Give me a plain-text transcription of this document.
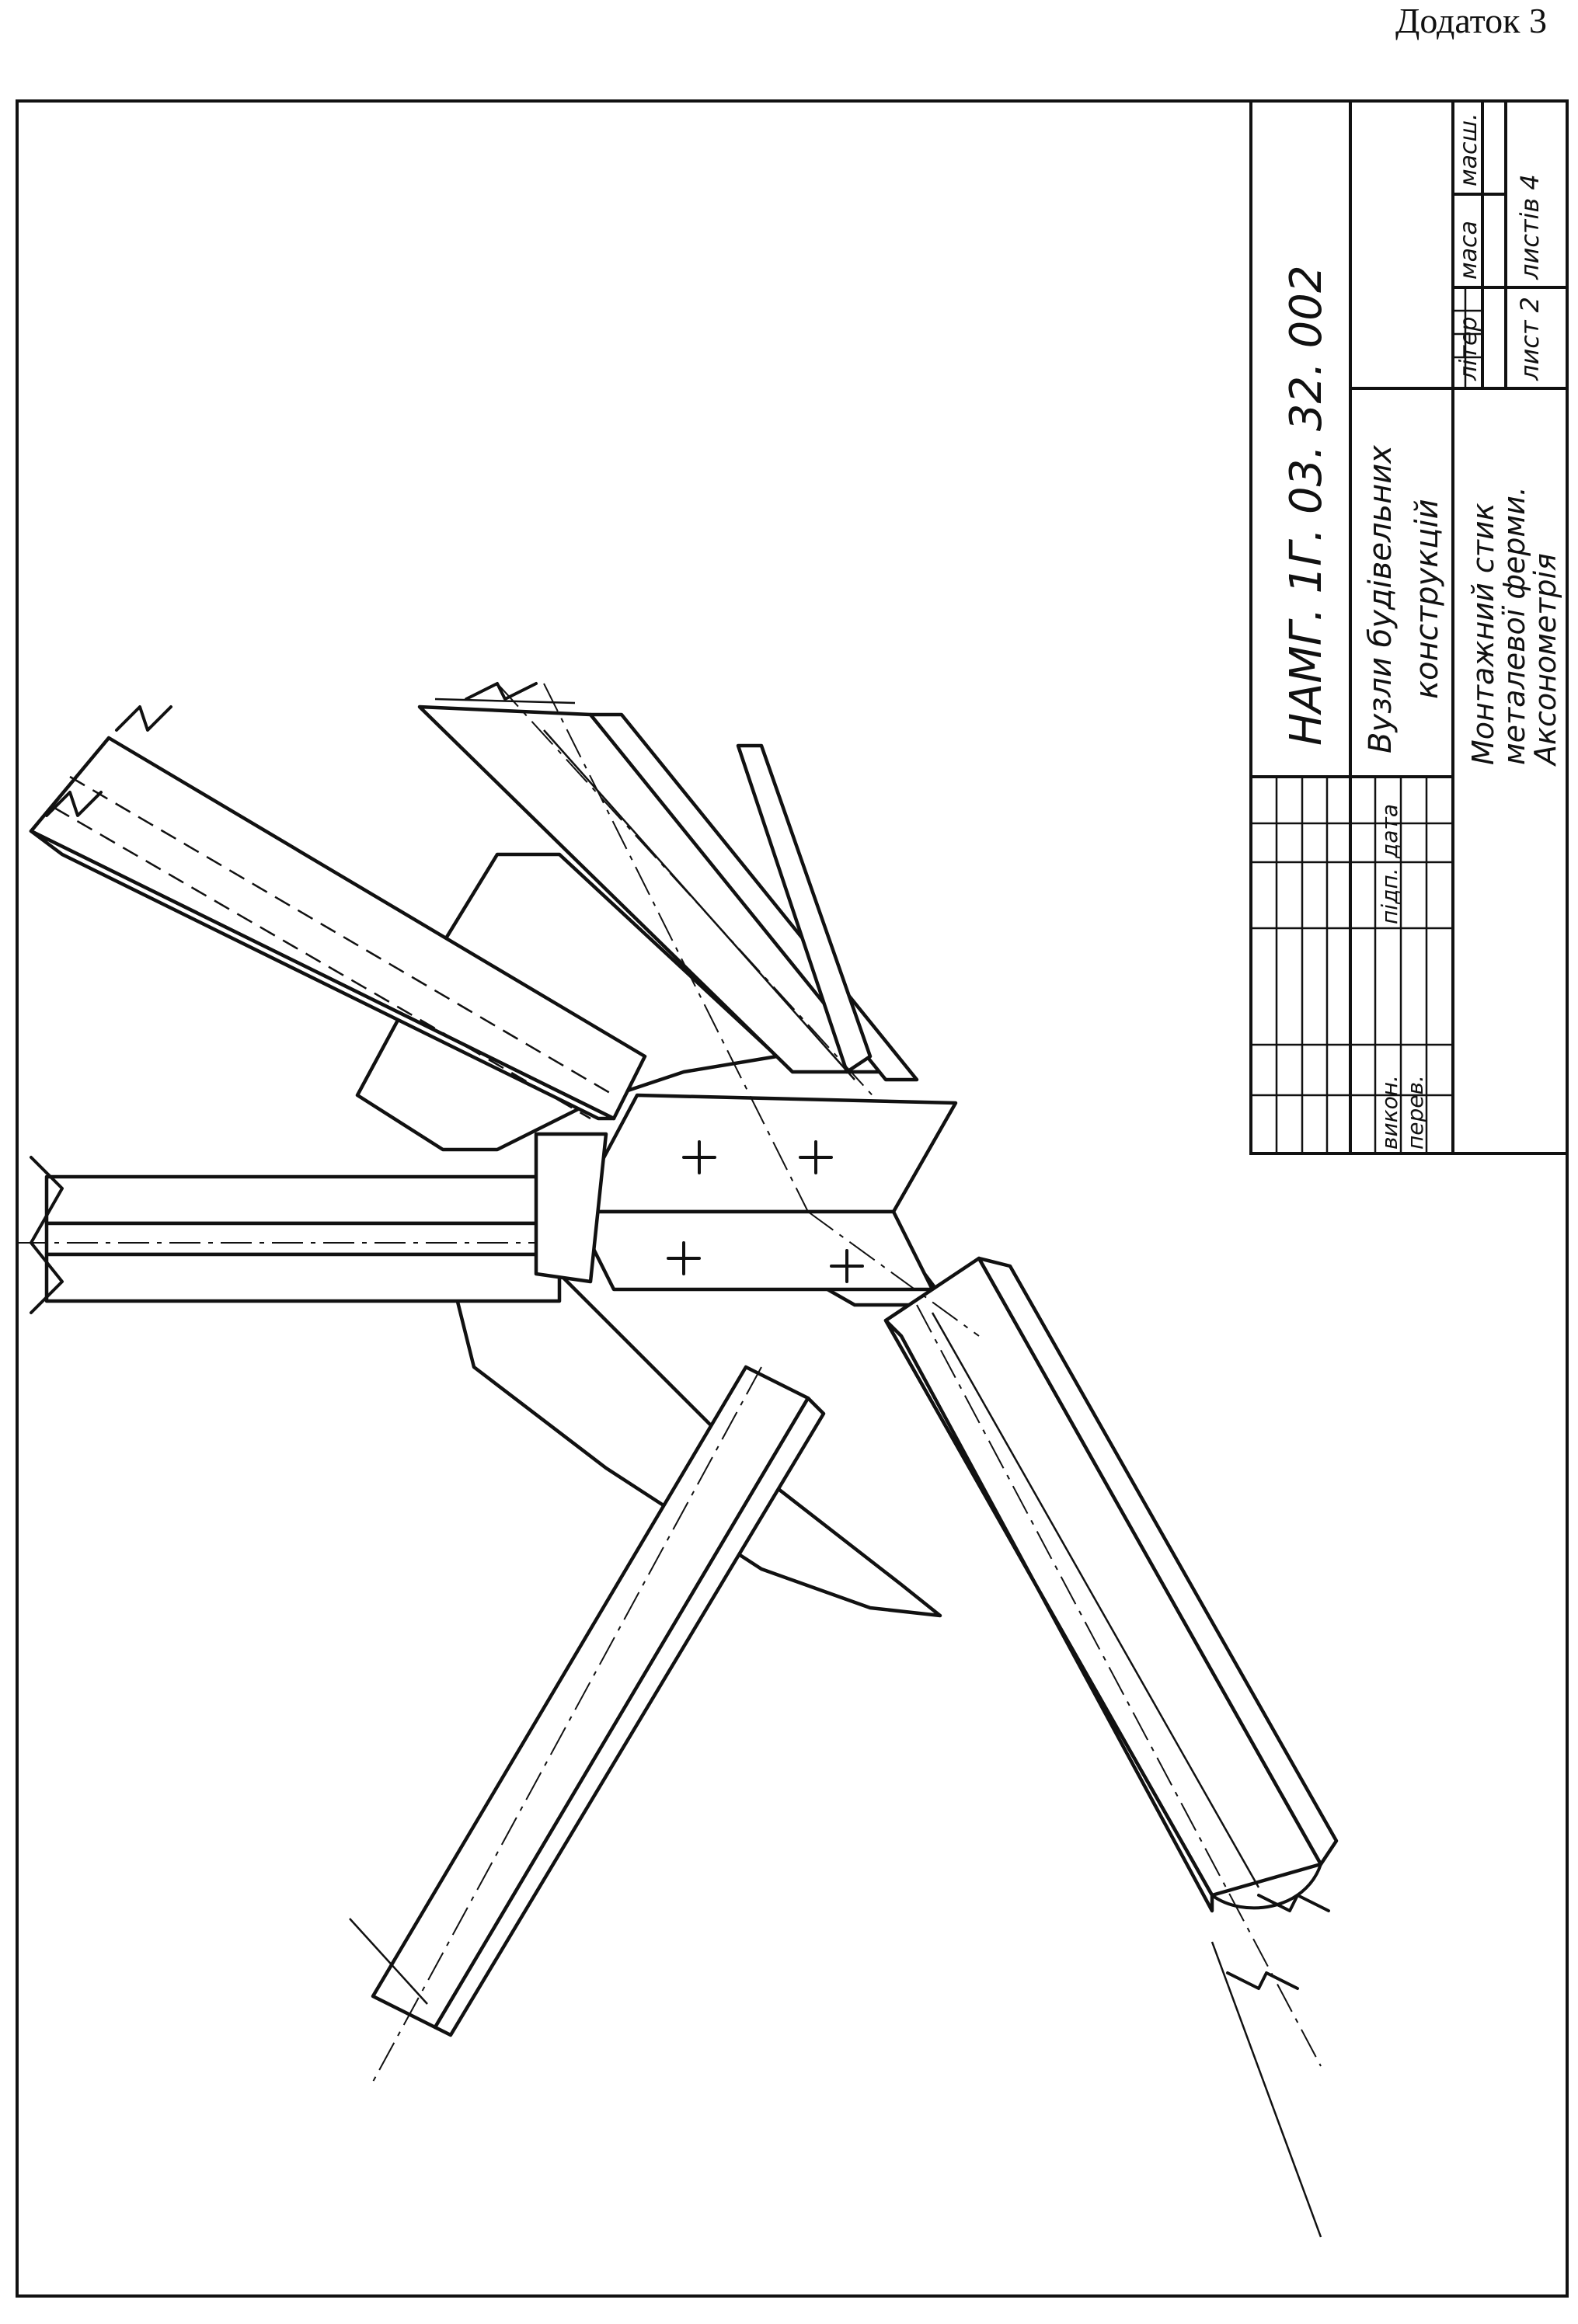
Додаток 3
НАМГ. 1Г. 03. 32. 002 Вузли будівельних конструкцій Монтажний стик
металевої ферми.
Аксонометрія
літер
маса
масш.
лист 2
листів 4
викон. перев.
підп.
дата
